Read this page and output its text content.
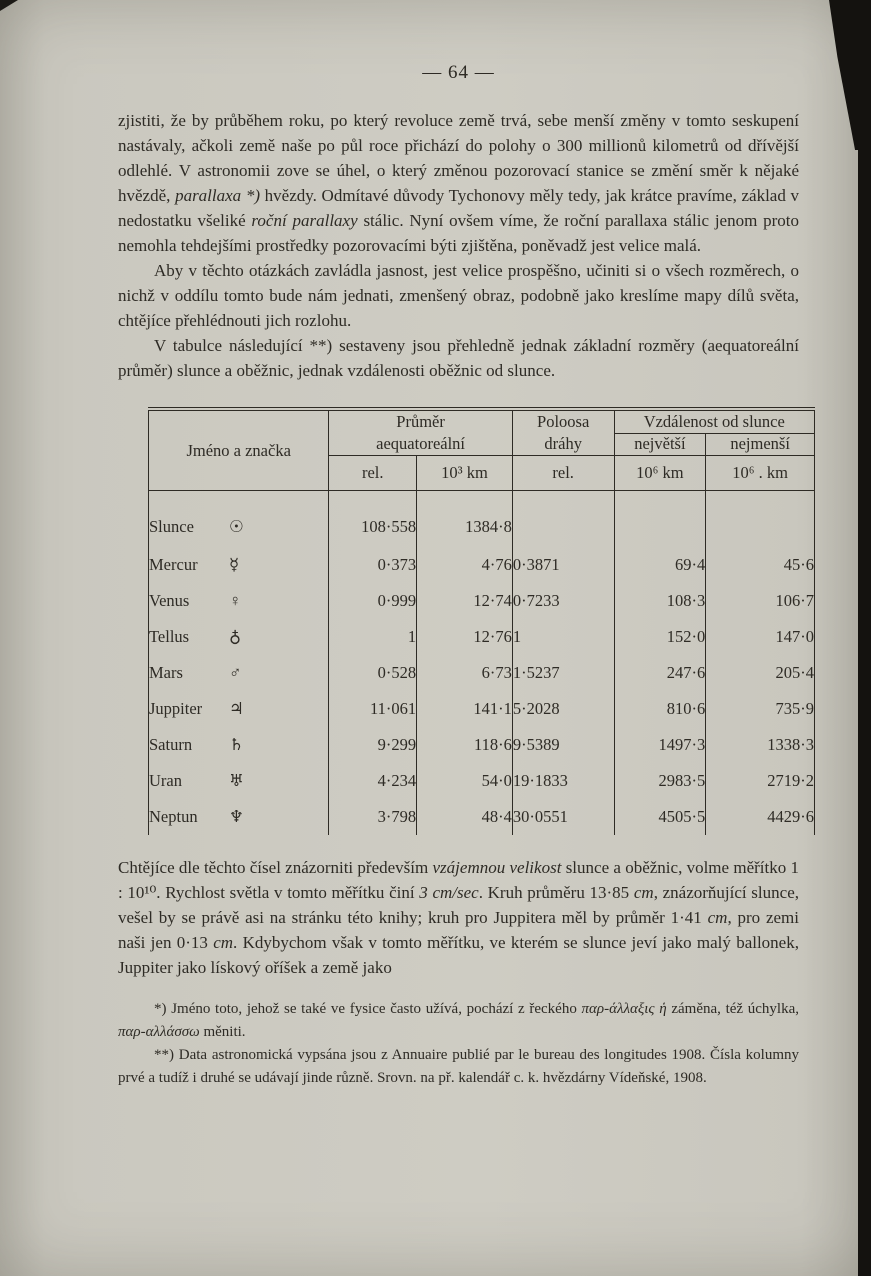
— 64 —

zjistiti, že by průběhem roku, po který revoluce země trvá, sebe menší změny v tomto seskupení nastávaly, ačkoli země naše po půl roce přichází do polohy o 300 millionů kilometrů od dřívější odlehlé. V astronomii zove se úhel, o který změnou pozorovací stanice se změní směr k nějaké hvězdě, parallaxa *) hvězdy. Odmítavé důvody Tychonovy měly tedy, jak krátce pravíme, základ v nedostatku všeliké roční parallaxy stálic. Nyní ovšem víme, že roční parallaxa stálic jenom proto nemohla tehdejšími prostředky pozorovacími býti zjištěna, poněvadž jest velice malá.

Aby v těchto otázkách zavládla jasnost, jest velice prospěšno, učiniti si o všech rozměrech, o nichž v oddílu tomto bude nám jednati, zmenšený obraz, podobně jako kreslíme mapy dílů světa, chtějíce přehlédnouti jich rozlohu.

V tabulce následující **) sestaveny jsou přehledně jednak základní rozměry (aequatoreální průměr) slunce a oběžnic, jednak vzdálenosti oběžnic od slunce.

Jméno a značka	Průměr
aequatoreální		Poloosa
dráhy	Vzdálenost od slunce	
				největší	nejmenší
	rel.	10³ km	rel.	10⁶ km	10⁶ . km
Slunce ☉	108·558	1384·8			
Mercur ☿	0·373	4·76	0·3871	69·4	45·6
Venus ♀	0·999	12·74	0·7233	108·3	106·7
Tellus ♁	1	12·76	1	152·0	147·0
Mars ♂	0·528	6·73	1·5237	247·6	205·4
Juppiter ♃	11·061	141·1	5·2028	810·6	735·9
Saturn ♄	9·299	118·6	9·5389	1497·3	1338·3
Uran ♅	4·234	54·0	19·1833	2983·5	2719·2
Neptun ♆	3·798	48·4	30·0551	4505·5	4429·6

Chtějíce dle těchto čísel znázorniti především vzájemnou velikost slunce a oběžnic, volme měřítko 1 : 10¹⁰. Rychlost světla v tomto měřítku činí 3 cm/sec. Kruh průměru 13·85 cm, znázorňující slunce, vešel by se právě asi na stránku této knihy; kruh pro Juppitera měl by průměr 1·41 cm, pro zemi naši jen 0·13 cm. Kdybychom však v tomto měřítku, ve kterém se slunce jeví jako malý ballonek, Juppiter jako lískový oříšek a země jako

*) Jméno toto, jehož se také ve fysice často užívá, pochází z řeckého παρ-άλλαξις ἡ záměna, též úchylka, παρ-αλλάσσω měniti.

**) Data astronomická vypsána jsou z Annuaire publié par le bureau des longitudes 1908. Čísla kolumny prvé a tudíž i druhé se udávají jinde různě. Srovn. na př. kalendář c. k. hvězdárny Vídeňské, 1908.
